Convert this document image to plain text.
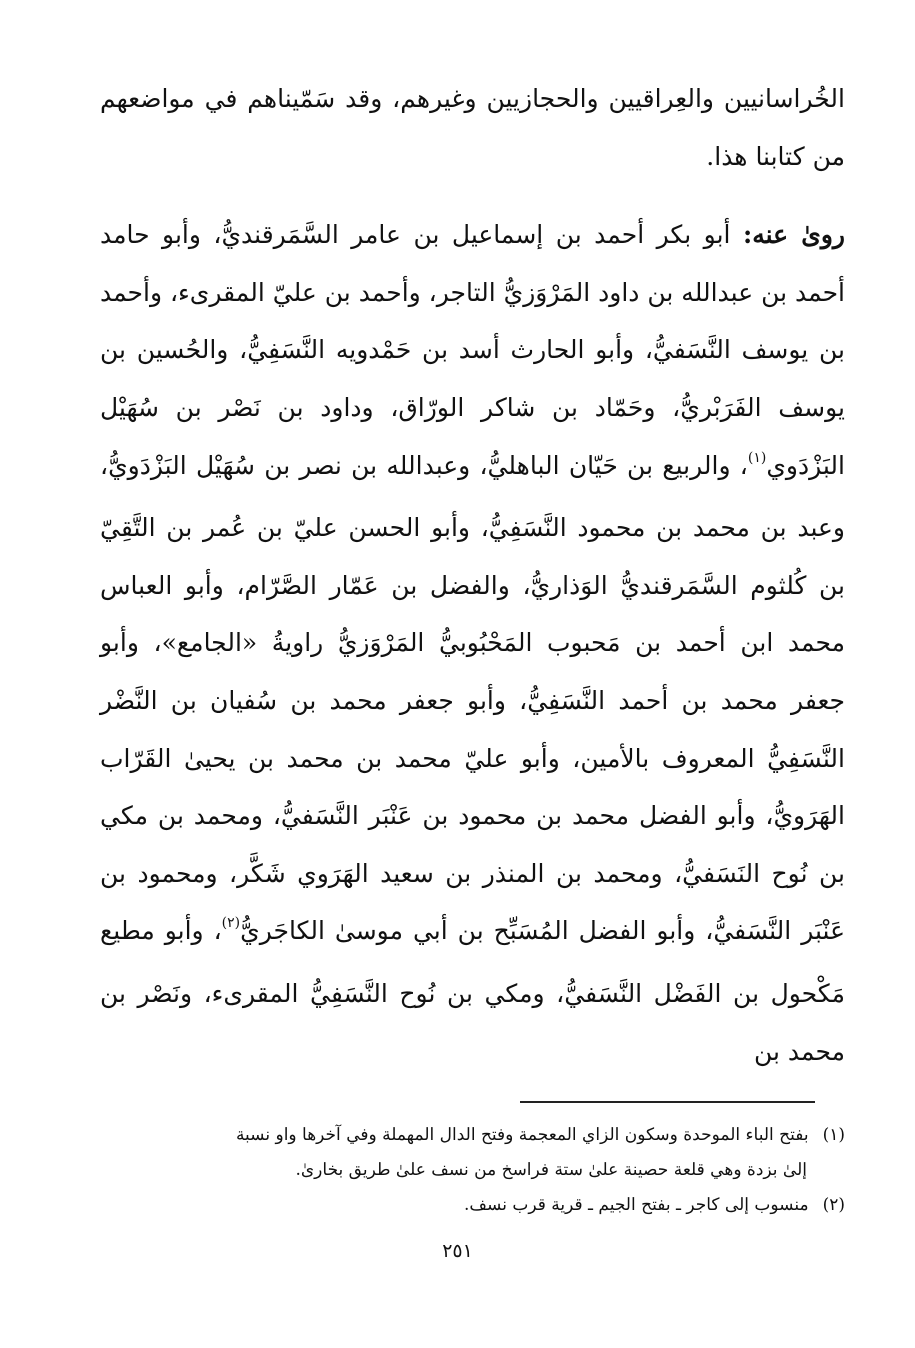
الخُراسانيين والعِراقيين والحجازيين وغيرهم، وقد سَمّيناهم في مواضعهم من كتابنا هذا.

روىٰ عنه: أبو بكر أحمد بن إسماعيل بن عامر السَّمَرقنديُّ، وأبو حامد أحمد بن عبدالله بن داود المَرْوَزيُّ التاجر، وأحمد بن عليّ المقرىء، وأحمد بن يوسف النَّسَفيُّ، وأبو الحارث أسد بن حَمْدويه النَّسَفِيُّ، والحُسين بن يوسف الفَرَبْريُّ، وحَمّاد بن شاكر الورّاق، وداود بن نَصْر بن سُهَيْل البَزْدَوي$^{(١)}$، والربيع بن حَيّان الباهليُّ، وعبدالله بن نصر بن سُهَيْل البَزْدَويُّ، وعبد بن محمد بن محمود النَّسَفِيُّ، وأبو الحسن عليّ بن عُمر بن التَّقِيّ بن كُلثوم السَّمَرقنديُّ الوَذاريُّ، والفضل بن عَمّار الصَّرّام، وأبو العباس محمد ابن أحمد بن مَحبوب المَحْبُوبيُّ المَرْوَزيُّ راويةُ «الجامع»، وأبو جعفر محمد بن أحمد النَّسَفِيُّ، وأبو جعفر محمد بن سُفيان بن النَّضْر النَّسَفِيُّ المعروف بالأمين، وأبو عليّ محمد بن محمد بن يحيىٰ القَرّاب الهَرَويُّ، وأبو الفضل محمد بن محمود بن عَنْبَر النَّسَفيُّ، ومحمد بن مكي بن نُوح النَسَفيُّ، ومحمد بن المنذر بن سعيد الهَرَوي شَكَّر، ومحمود بن عَنْبَر النَّسَفيُّ، وأبو الفضل المُسَبِّح بن أبي موسىٰ الكاجَريُّ$^{(٢)}$، وأبو مطيع مَكْحول بن الفَضْل النَّسَفيُّ، ومكي بن نُوح النَّسَفِيُّ المقرىء، ونَصْر بن محمد بن

(١)بفتح الباء الموحدة وسكون الزاي المعجمة وفتح الدال المهملة وفي آخرها واو نسبة

إلىٰ بزدة وهي قلعة حصينة علىٰ ستة فراسخ من نسف علىٰ طريق بخارىٰ.

(٢)منسوب إلى كاجر ـ بفتح الجيم ـ قرية قرب نسف.

٢٥١
